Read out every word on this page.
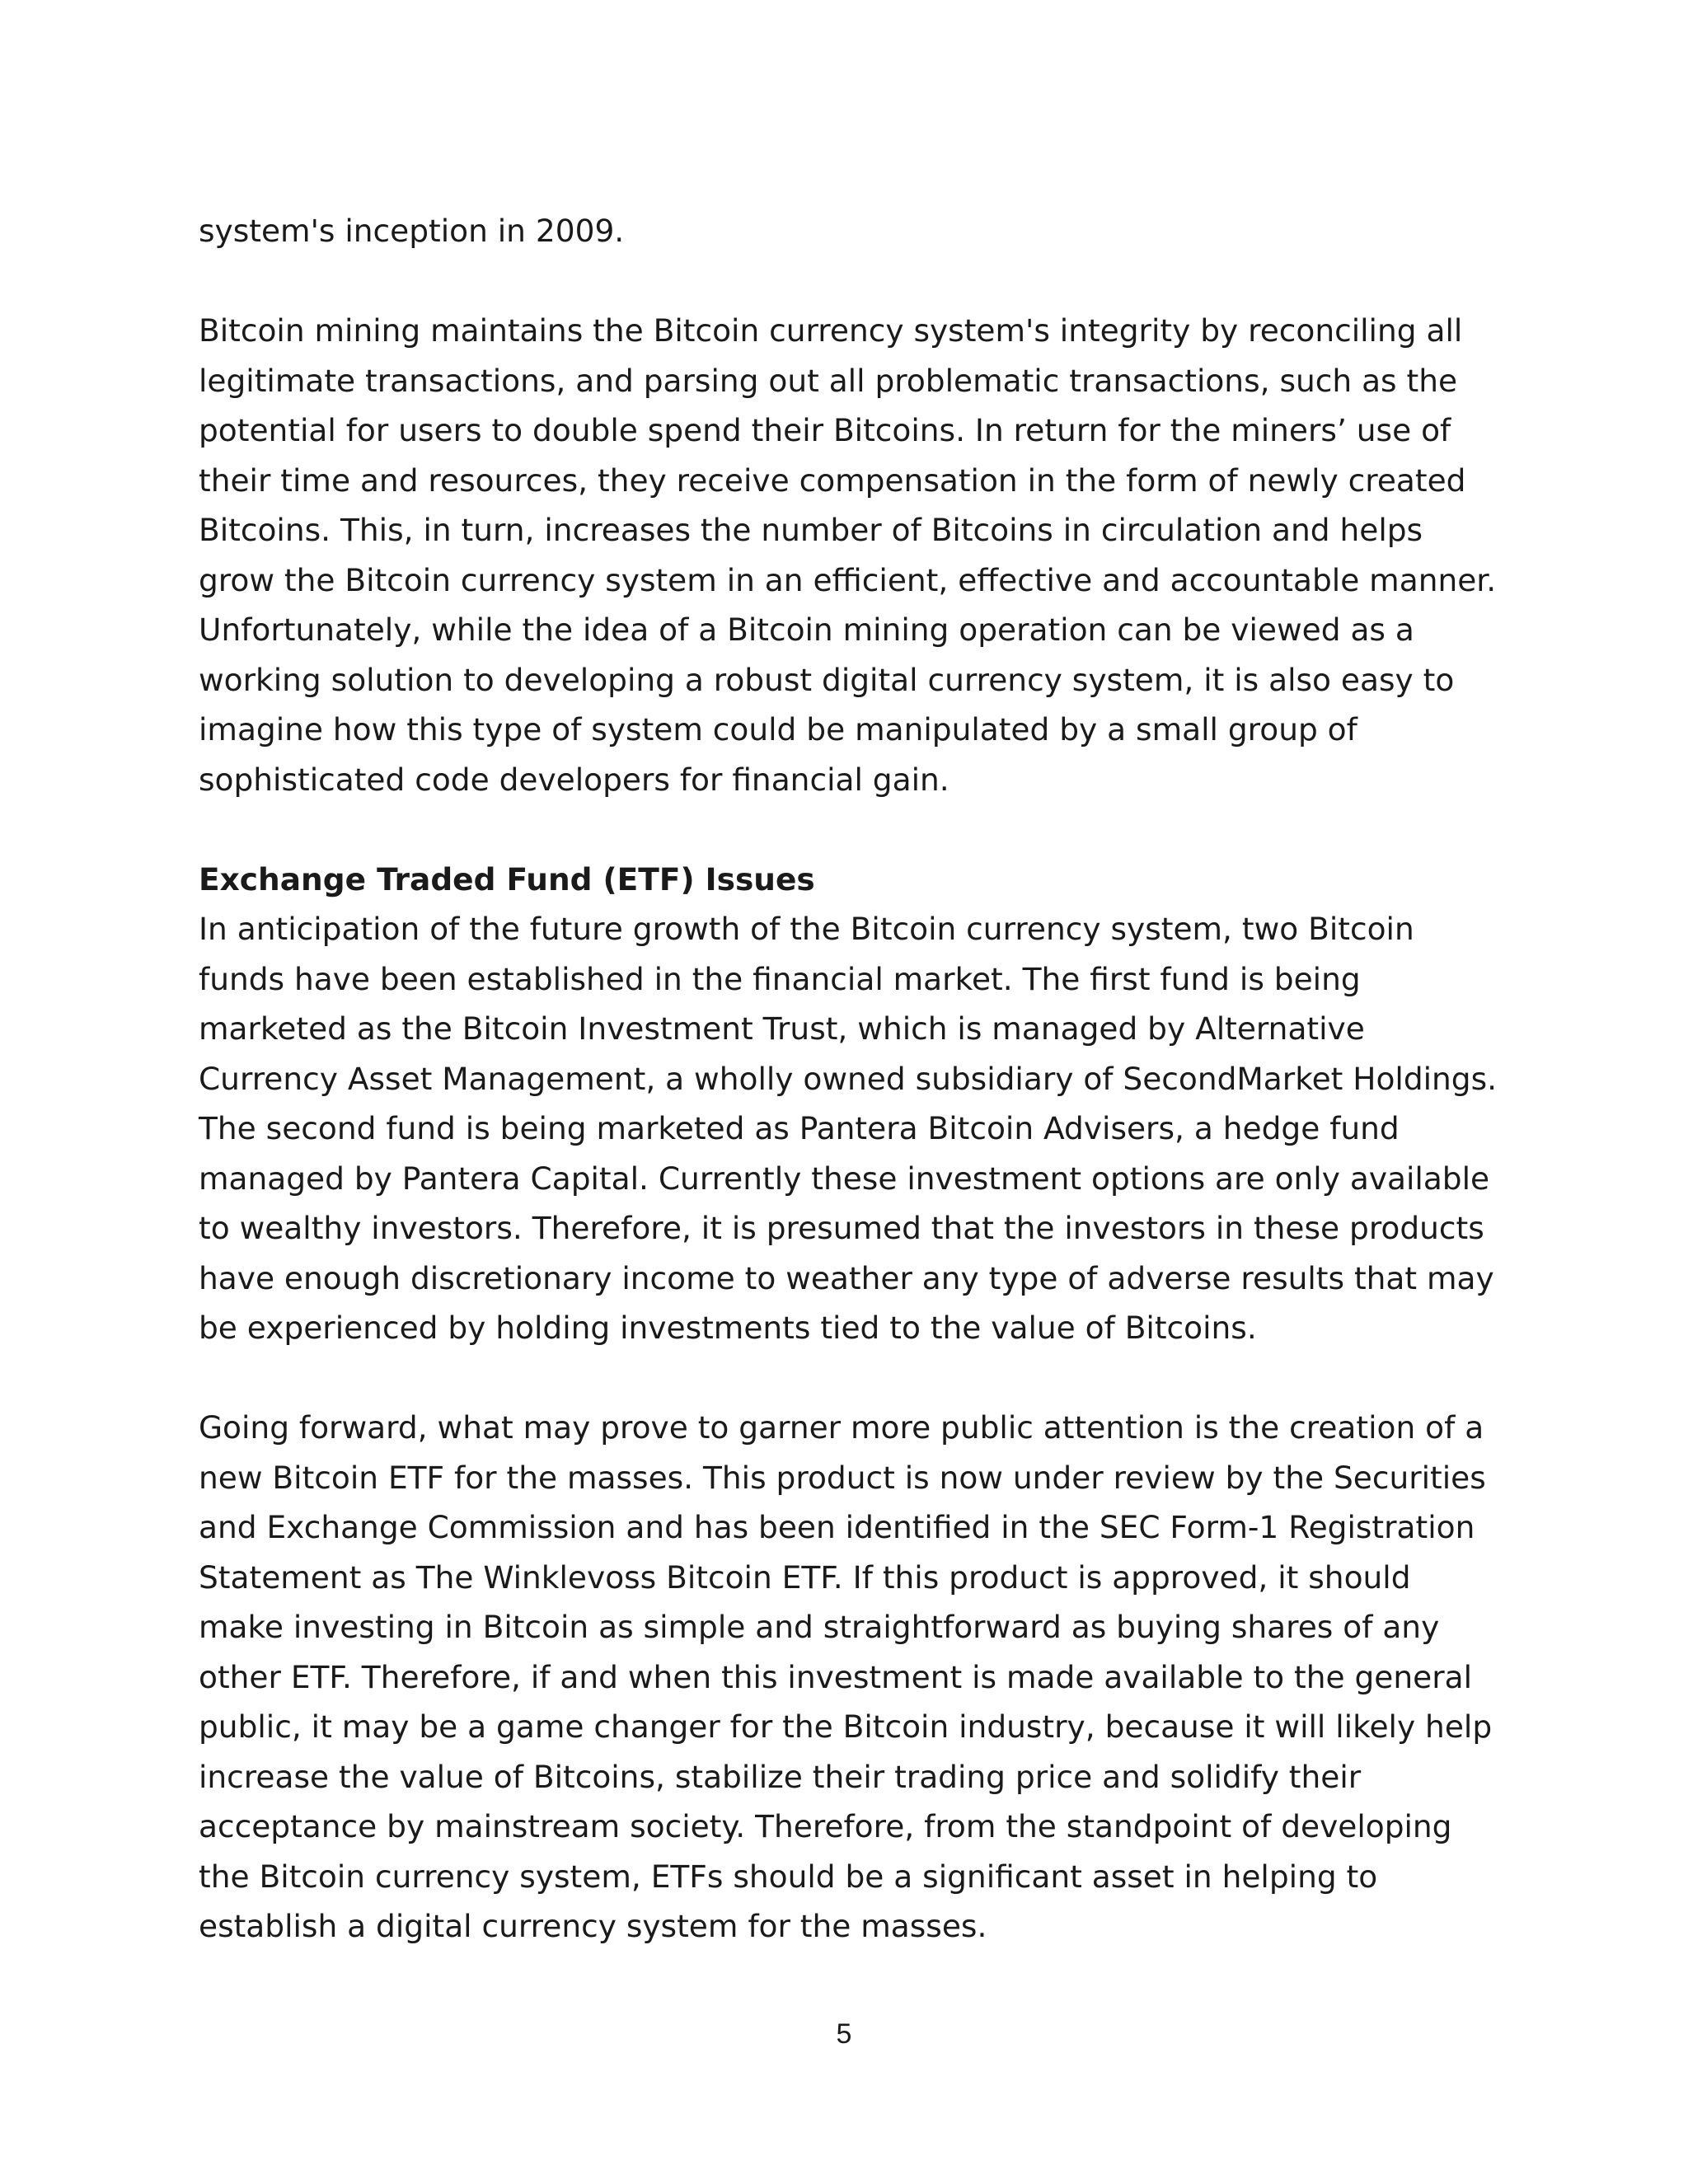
system's inception in 2009.

Bitcoin mining maintains the Bitcoin currency system's integrity by reconciling all legitimate transactions, and parsing out all problematic transactions, such as the potential for users to double spend their Bitcoins. In return for the miners’ use of their time and resources, they receive compensation in the form of newly created Bitcoins. This, in turn, increases the number of Bitcoins in circulation and helps grow the Bitcoin currency system in an efficient, effective and accountable manner. Unfortunately, while the idea of a Bitcoin mining operation can be viewed as a working solution to developing a robust digital currency system, it is also easy to imagine how this type of system could be manipulated by a small group of sophisticated code developers for financial gain.

Exchange Traded Fund (ETF) Issues

In anticipation of the future growth of the Bitcoin currency system, two Bitcoin funds have been established in the financial market. The first fund is being marketed as the Bitcoin Investment Trust, which is managed by Alternative Currency Asset Management, a wholly owned subsidiary of SecondMarket Holdings. The second fund is being marketed as Pantera Bitcoin Advisers, a hedge fund managed by Pantera Capital. Currently these investment options are only available to wealthy investors. Therefore, it is presumed that the investors in these products have enough discretionary income to weather any type of adverse results that may be experienced by holding investments tied to the value of Bitcoins.

Going forward, what may prove to garner more public attention is the creation of a new Bitcoin ETF for the masses. This product is now under review by the Securities and Exchange Commission and has been identified in the SEC Form-1 Registration Statement as The Winklevoss Bitcoin ETF. If this product is approved, it should make investing in Bitcoin as simple and straightforward as buying shares of any other ETF. Therefore, if and when this investment is made available to the general public, it may be a game changer for the Bitcoin industry, because it will likely help increase the value of Bitcoins, stabilize their trading price and solidify their acceptance by mainstream society. Therefore, from the standpoint of developing the Bitcoin currency system, ETFs should be a significant asset in helping to establish a digital currency system for the masses.

5
